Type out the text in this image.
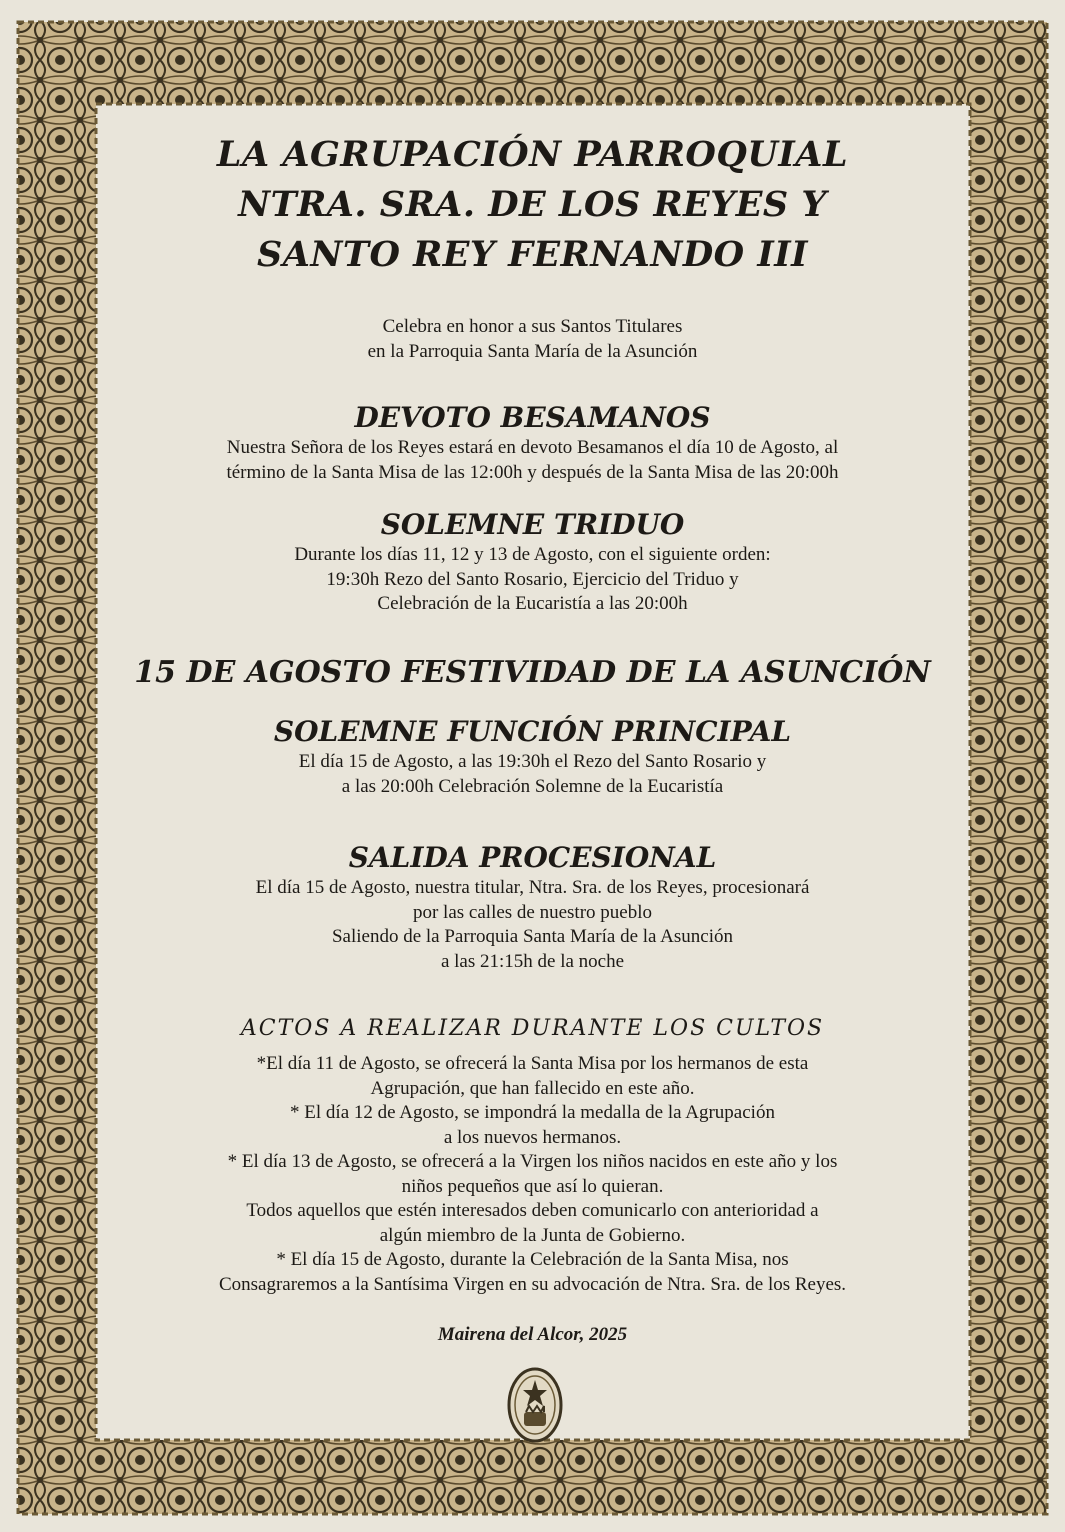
LA AGRUPACIÓN PARROQUIAL
NTRA. SRA. DE LOS REYES Y
SANTO REY FERNANDO III
Celebra en honor a sus Santos Titulares
en la Parroquia Santa María de la Asunción
DEVOTO BESAMANOS
Nuestra Señora de los Reyes estará en devoto Besamanos el día 10 de Agosto, al
término de la Santa Misa de las 12:00h y después de la Santa Misa de las 20:00h
SOLEMNE TRIDUO
Durante los días 11, 12 y 13 de Agosto, con el siguiente orden:
19:30h Rezo del Santo Rosario, Ejercicio del Triduo y
Celebración de la Eucaristía a las 20:00h
15 DE AGOSTO FESTIVIDAD DE LA ASUNCIÓN
SOLEMNE FUNCIÓN PRINCIPAL
El día 15 de Agosto, a las 19:30h el Rezo del Santo Rosario y
a las 20:00h Celebración Solemne de la Eucaristía
SALIDA PROCESIONAL
El día 15 de Agosto, nuestra titular, Ntra. Sra. de los Reyes, procesionará
por las calles de nuestro pueblo
Saliendo de la Parroquia Santa María de la Asunción
a las 21:15h de la noche
ACTOS A REALIZAR DURANTE LOS CULTOS
*El día 11 de Agosto, se ofrecerá la Santa Misa por los hermanos de esta
Agrupación, que han fallecido en este año.
* El día 12 de Agosto, se impondrá la medalla de la Agrupación
a los nuevos hermanos.
* El día 13 de Agosto, se ofrecerá a la Virgen los niños nacidos en este año y los
niños pequeños que así lo quieran.
Todos aquellos que estén interesados deben comunicarlo con anterioridad a
algún miembro de la Junta de Gobierno.
* El día 15 de Agosto, durante la Celebración de la Santa Misa, nos
Consagraremos a la Santísima Virgen en su advocación de Ntra. Sra. de los Reyes.
Mairena del Alcor, 2025
